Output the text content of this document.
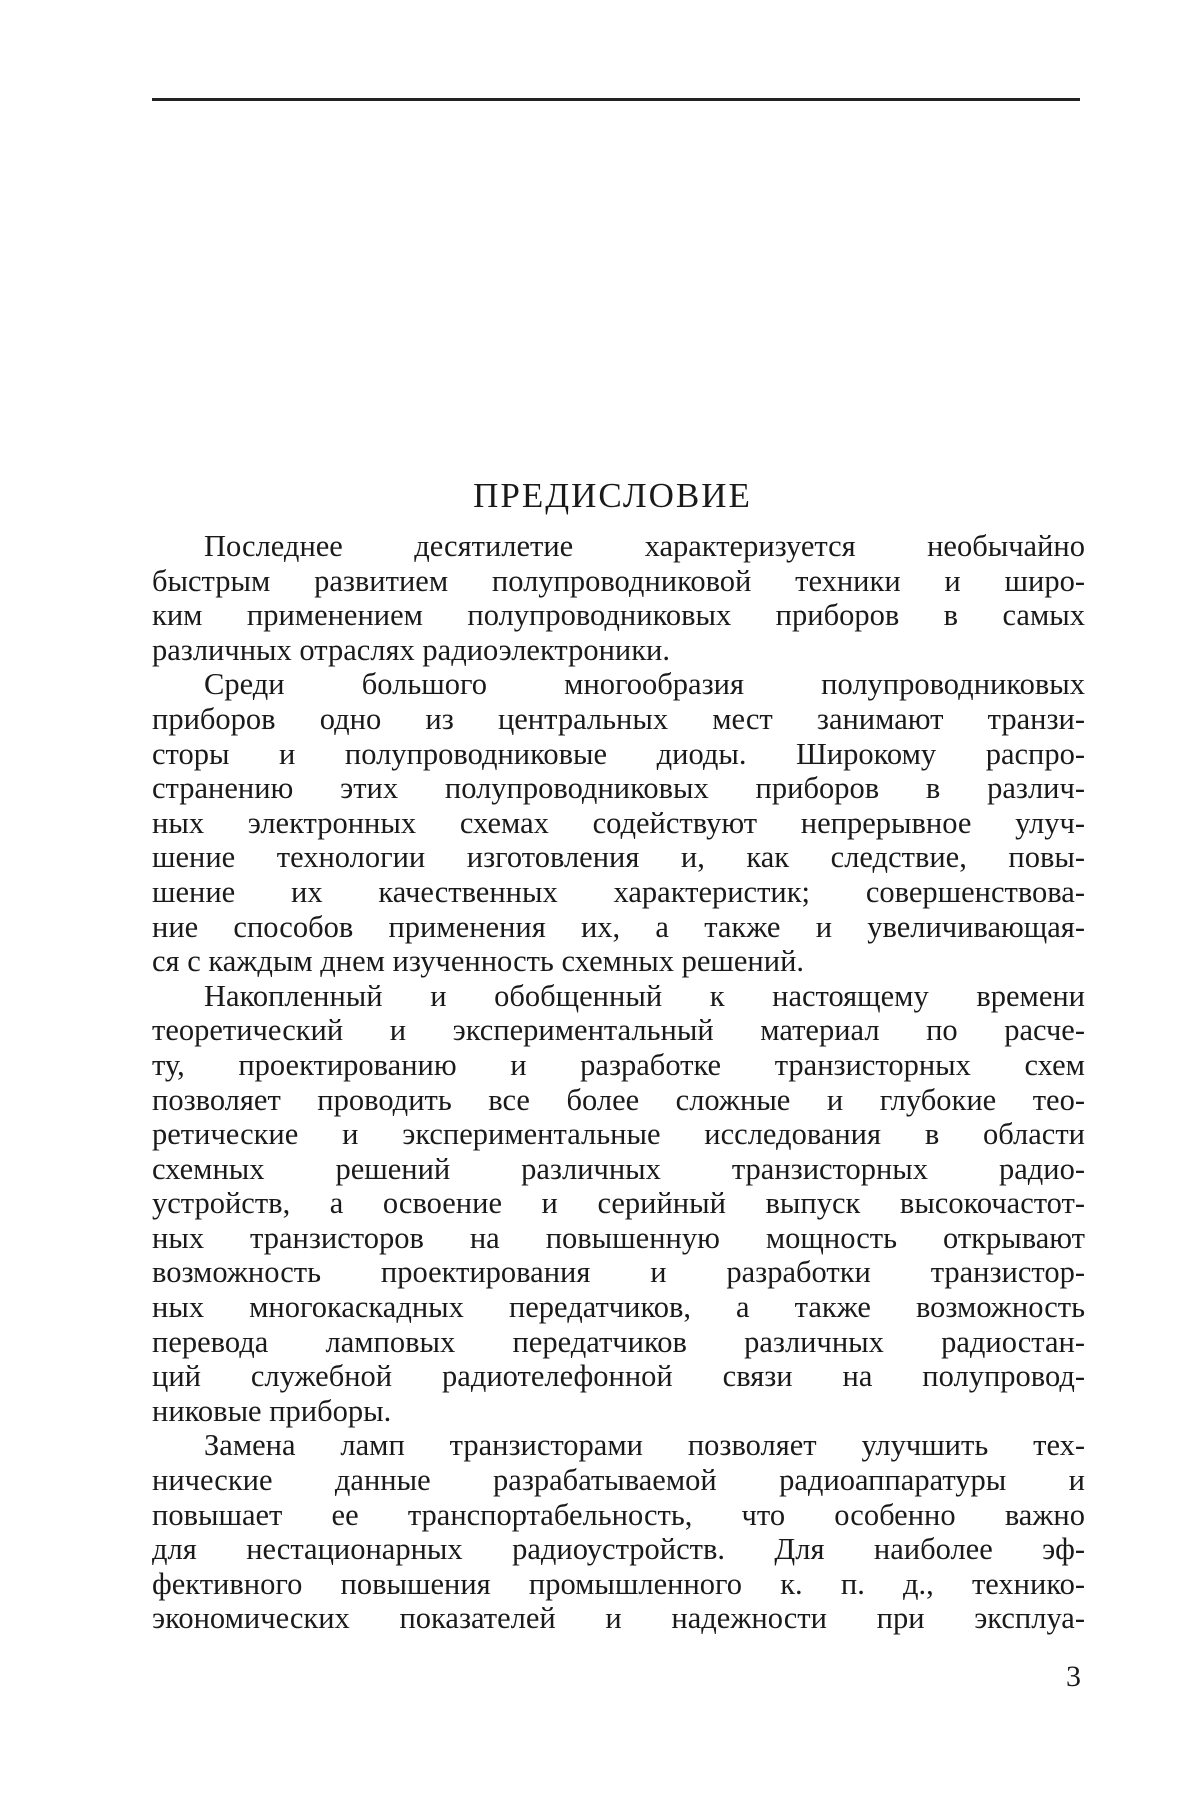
ПРЕДИСЛОВИЕ
Последнее десятилетие характеризуется необычайно
быстрым развитием полупроводниковой техники и широ-
ким применением полупроводниковых приборов в самых
различных отраслях радиоэлектроники.
Среди большого многообразия полупроводниковых
приборов одно из центральных мест занимают транзи-
сторы и полупроводниковые диоды. Широкому распро-
странению этих полупроводниковых приборов в различ-
ных электронных схемах содействуют непрерывное улуч-
шение технологии изготовления и, как следствие, повы-
шение их качественных характеристик; совершенствова-
ние способов применения их, а также и увеличивающая-
ся с каждым днем изученность схемных решений.
Накопленный и обобщенный к настоящему времени
теоретический и экспериментальный материал по расче-
ту, проектированию и разработке транзисторных схем
позволяет проводить все более сложные и глубокие тео-
ретические и экспериментальные исследования в области
схемных решений различных транзисторных радио-
устройств, а освоение и серийный выпуск высокочастот-
ных транзисторов на повышенную мощность открывают
возможность проектирования и разработки транзистор-
ных многокаскадных передатчиков, а также возможность
перевода ламповых передатчиков различных радиостан-
ций служебной радиотелефонной связи на полупровод-
никовые приборы.
Замена ламп транзисторами позволяет улучшить тех-
нические данные разрабатываемой радиоаппаратуры и
повышает ее транспортабельность, что особенно важно
для нестационарных радиоустройств. Для наиболее эф-
фективного повышения промышленного к. п. д., технико-
экономических показателей и надежности при эксплуа-
3
